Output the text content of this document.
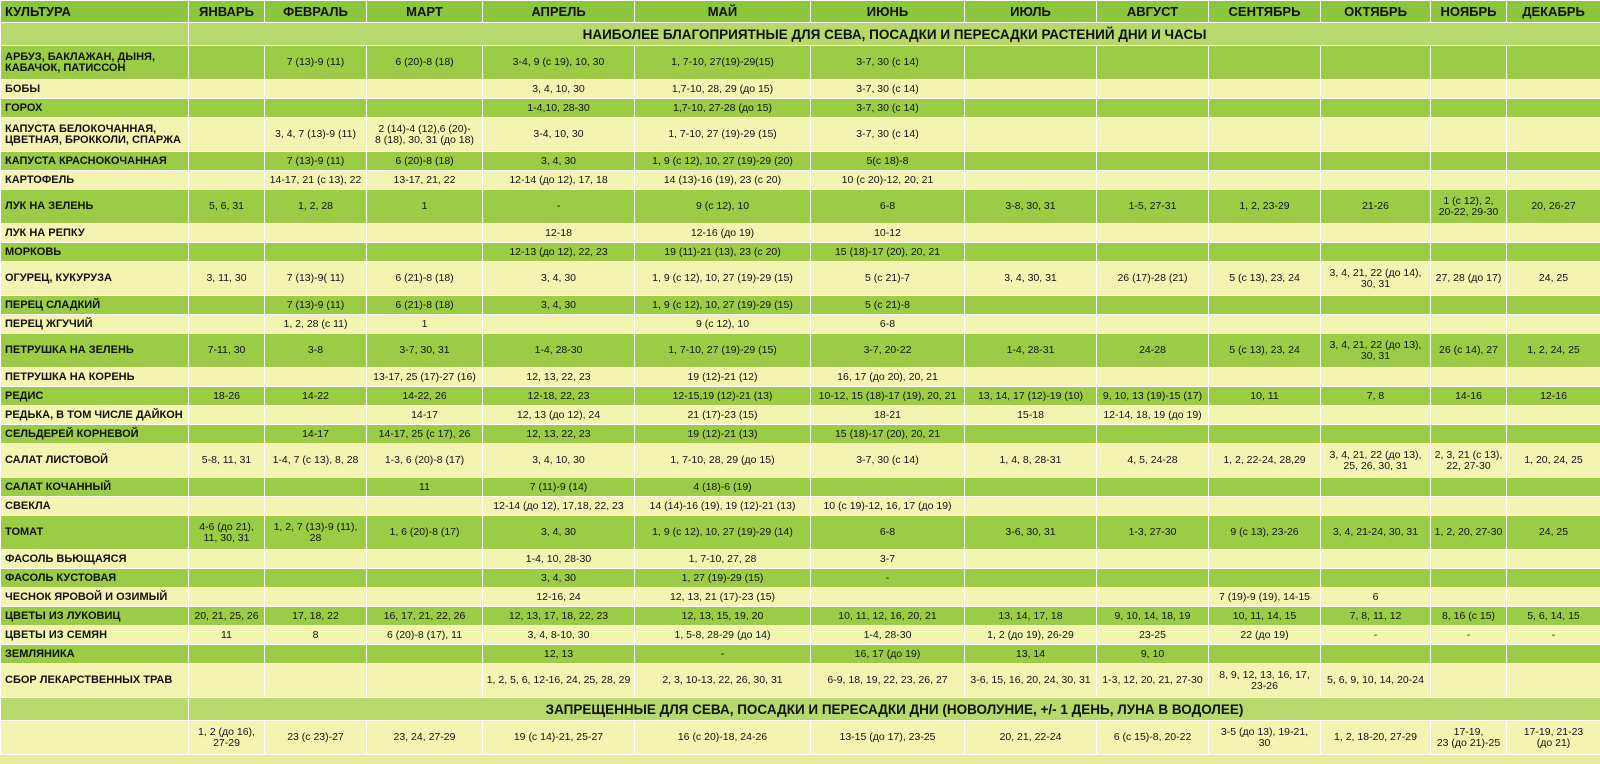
КУЛЬТУРА	ЯНВАРЬ	ФЕВРАЛЬ	МАРТ	АПРЕЛЬ	МАЙ	ИЮНЬ	ИЮЛЬ	АВГУСТ	СЕНТЯБРЬ	ОКТЯБРЬ	НОЯБРЬ	ДЕКАБРЬ
	НАИБОЛЕЕ БЛАГОПРИЯТНЫЕ ДЛЯ СЕВА, ПОСАДКИ И ПЕРЕСАДКИ РАСТЕНИЙ ДНИ И ЧАСЫ											
АРБУЗ, БАКЛАЖАН, ДЫНЯ, КАБАЧОК, ПАТИССОН		7 (13)-9 (11)	6 (20)-8 (18)	3-4, 9 (с 19), 10, 30	1, 7-10, 27(19)-29(15)	3-7, 30 (с 14)						
БОБЫ				3, 4, 10, 30	1,7-10, 28, 29 (до 15)	3-7, 30 (с 14)						
ГОРОХ				1-4,10, 28-30	1,7-10, 27-28 (до 15)	3-7, 30 (с 14)						
КАПУСТА БЕЛОКОЧАННАЯ, ЦВЕТНАЯ, БРОККОЛИ, СПАРЖА		3, 4, 7 (13)-9 (11)	2 (14)-4 (12),6 (20)-
8 (18), 30, 31 (до 18)	3-4, 10, 30	1, 7-10, 27 (19)-29 (15)	3-7, 30 (с 14)						
КАПУСТА КРАСНОКОЧАННАЯ		7 (13)-9 (11)	6 (20)-8 (18)	3, 4, 30	1, 9 (с 12), 10, 27 (19)-29 (20)	5(с 18)-8						
КАРТОФЕЛЬ		14-17, 21 (с 13), 22	13-17, 21, 22	12-14 (до 12), 17, 18	14 (13)-16 (19), 23 (с 20)	10 (с 20)-12, 20, 21						
ЛУК НА ЗЕЛЕНЬ	5, 6, 31	1, 2, 28	1	-	9 (с 12), 10	6-8	3-8, 30, 31	1-5, 27-31	1, 2, 23-29	21-26	1 (с 12), 2,
20-22, 29-30	20, 26-27
ЛУК НА РЕПКУ				12-18	12-16 (до 19)	10-12						
МОРКОВЬ				12-13 (до 12), 22, 23	19 (11)-21 (13), 23 (с 20)	15 (18)-17 (20), 20, 21						
ОГУРЕЦ, КУКУРУЗА	3, 11, 30	7 (13)-9( 11)	6 (21)-8 (18)	3, 4, 30	1, 9 (с 12), 10, 27 (19)-29 (15)	5 (с 21)-7	3, 4, 30, 31	26 (17)-28 (21)	5 (с 13), 23, 24	3, 4, 21, 22 (до 14),
30, 31	27, 28 (до 17)	24, 25
ПЕРЕЦ СЛАДКИЙ		7 (13)-9 (11)	6 (21)-8 (18)	3, 4, 30	1, 9 (с 12), 10, 27 (19)-29 (15)	5 (с 21)-8						
ПЕРЕЦ ЖГУЧИЙ		1, 2, 28 (с 11)	1		9 (с 12), 10	6-8						
ПЕТРУШКА НА ЗЕЛЕНЬ	7-11, 30	3-8	3-7, 30, 31	1-4, 28-30	1, 7-10, 27 (19)-29 (15)	3-7, 20-22	1-4, 28-31	24-28	5 (с 13), 23, 24	3, 4, 21, 22 (до 13),
30, 31	26 (с 14), 27	1, 2, 24, 25
ПЕТРУШКА НА КОРЕНЬ			13-17, 25 (17)-27 (16)	12, 13, 22, 23	19 (12)-21 (12)	16, 17 (до 20), 20, 21						
РЕДИС	18-26	14-22	14-22, 26	12-18, 22, 23	12-15,19 (12)-21 (13)	10-12, 15 (18)-17 (19), 20, 21	13, 14, 17 (12)-19 (10)	9, 10, 13 (19)-15 (17)	10, 11	7, 8	14-16	12-16
РЕДЬКА, В ТОМ ЧИСЛЕ ДАЙКОН			14-17	12, 13 (до 12), 24	21 (17)-23 (15)	18-21	15-18	12-14, 18, 19 (до 19)				
СЕЛЬДЕРЕЙ КОРНЕВОЙ		14-17	14-17, 25 (с 17), 26	12, 13, 22, 23	19 (12)-21 (13)	15 (18)-17 (20), 20, 21						
САЛАТ ЛИСТОВОЙ	5-8, 11, 31	1-4, 7 (с 13), 8, 28	1-3, 6 (20)-8 (17)	3, 4, 10, 30	1, 7-10, 28, 29 (до 15)	3-7, 30 (с 14)	1, 4, 8, 28-31	4, 5, 24-28	1, 2, 22-24, 28,29	3, 4, 21, 22 (до 13),
25, 26, 30, 31	2, 3, 21 (с 13),
22, 27-30	1, 20, 24, 25
САЛАТ КОЧАННЫЙ			11	7 (11)-9 (14)	4 (18)-6 (19)							
СВЕКЛА				12-14 (до 12), 17,18, 22, 23	14 (14)-16 (19), 19 (12)-21 (13)	10 (с 19)-12, 16, 17 (до 19)						
ТОМАТ	4-6 (до 21),
11, 30, 31	1, 2, 7 (13)-9 (11),
28	1, 6 (20)-8 (17)	3, 4, 30	1, 9 (с 12), 10, 27 (19)-29 (14)	6-8	3-6, 30, 31	1-3, 27-30	9 (с 13), 23-26	3, 4, 21-24, 30, 31	1, 2, 20, 27-30	24, 25
ФАСОЛЬ ВЬЮЩАЯСЯ				1-4, 10, 28-30	1, 7-10, 27, 28	3-7						
ФАСОЛЬ КУСТОВАЯ				3, 4, 30	1, 27 (19)-29 (15)	-						
ЧЕСНОК ЯРОВОЙ И ОЗИМЫЙ				12-16, 24	12, 13, 21 (17)-23 (15)				7 (19)-9 (19), 14-15	6		
ЦВЕТЫ ИЗ ЛУКОВИЦ	20, 21, 25, 26	17, 18, 22	16, 17, 21, 22, 26	12, 13, 17, 18, 22, 23	12, 13, 15, 19, 20	10, 11, 12, 16, 20, 21	13, 14, 17, 18	9, 10, 14, 18, 19	10, 11, 14, 15	7, 8, 11, 12	8, 16 (с 15)	5, 6, 14, 15
ЦВЕТЫ ИЗ СЕМЯН	11	8	6 (20)-8 (17), 11	3, 4, 8-10, 30	1, 5-8, 28-29 (до 14)	1-4, 28-30	1, 2 (до 19), 26-29	23-25	22 (до 19)	-	-	-
ЗЕМЛЯНИКА				12, 13	-	16, 17 (до 19)	13, 14	9, 10				
СБОР ЛЕКАРСТВЕННЫХ ТРАВ				1, 2, 5, 6, 12-16, 24, 25, 28, 29	2, 3, 10-13, 22, 26, 30, 31	6-9, 18, 19, 22, 23, 26, 27	3-6, 15, 16, 20, 24, 30, 31	1-3, 12, 20, 21, 27-30	8, 9, 12, 13, 16, 17,
23-26	5, 6, 9, 10, 14, 20-24		
	ЗАПРЕЩЕННЫЕ ДЛЯ СЕВА, ПОСАДКИ И ПЕРЕСАДКИ ДНИ (НОВОЛУНИЕ, +/- 1 ДЕНЬ, ЛУНА В ВОДОЛЕЕ)											
	1, 2 (до 16),
27-29	23 (с 23)-27	23, 24, 27-29	19 (с 14)-21, 25-27	16 (с 20)-18, 24-26	13-15 (до 17), 23-25	20, 21, 22-24	6 (с 15)-8, 20-22	3-5 (до 13), 19-21,
30	1, 2, 18-20, 27-29	17-19,
23 (до 21)-25	17-19, 21-23
(до 21)
